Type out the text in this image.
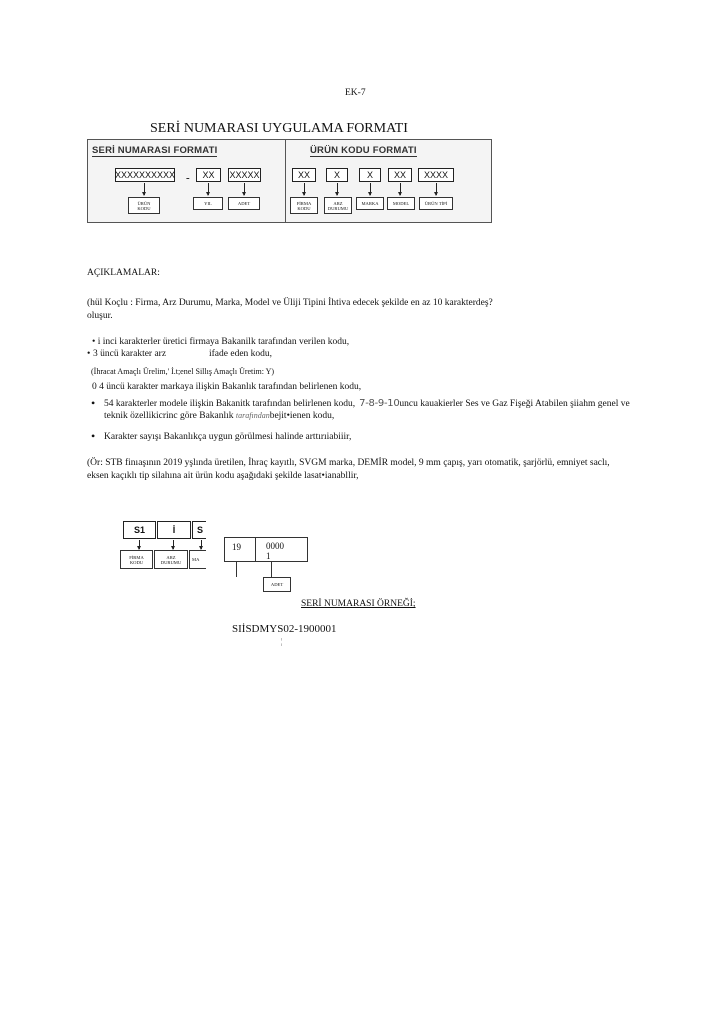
EK-7
SERİ NUMARASI UYGULAMA FORMATI
SERİ NUMARASI FORMATI	ÜRÜN KODU FORMATI
XXXXXXXXXX -	XX	XXXXX
ÜRÜN
KODU
YIL	ADET
XX	X	X	XX	XXXX
FİRMA
KODU
ARZ
DURUMU
MARKA	MODEL	ÜRÜN TİPİ
AÇIKLAMALAR:
(hül Koçlu : Firma, Arz Durumu, Marka, Model ve Üliji Tipini İhtiva edecek şekilde en az 10 karakterdeş?
oluşur.
• i inci karakterler üretici firmaya Bakanilk tarafından verilen kodu,
• 3 üncü karakter arz	ifade eden kodu,
(İhracat Amaçlı Ürelim,' İ.t;enel Sillış Amaçlı Üretim: Y)
0 4 üncü karakter markaya ilişkin Bakanlık tarafından belirlenen kodu,
• 54 karakterler modele ilişkin Bakanitk tarafından belirlenen kodu, 7-8-9-10uncu kauakierler Ses ve Gaz Fişeği Atabilen şiiahm genel ve
teknik özellikicrinc göre Bakanlık tarafındanbejit•ienen kodu,
• Karakter sayışı Bakanlıkça uygun görülmesi halinde arttırıiabiiir,
(Ör: STB finıaşının 2019 yşlında üretilen, İhraç kayıtlı, SVGM marka, DEMİR model, 9 mm çapış, yarı otomatik, şarjörlü, emniyet saclı,
eksen kaçıklı tip silahına ait ürün kodu aşağıdaki şekilde lasat•ianabllir,
S1	İ	S
FİRMA
KODU
ARZ
DURUMU MA
19	0000
1
ADET
SERİ NUMARASI ÖRNEĞİ;
SIİSDMYS02-1900001
¦
